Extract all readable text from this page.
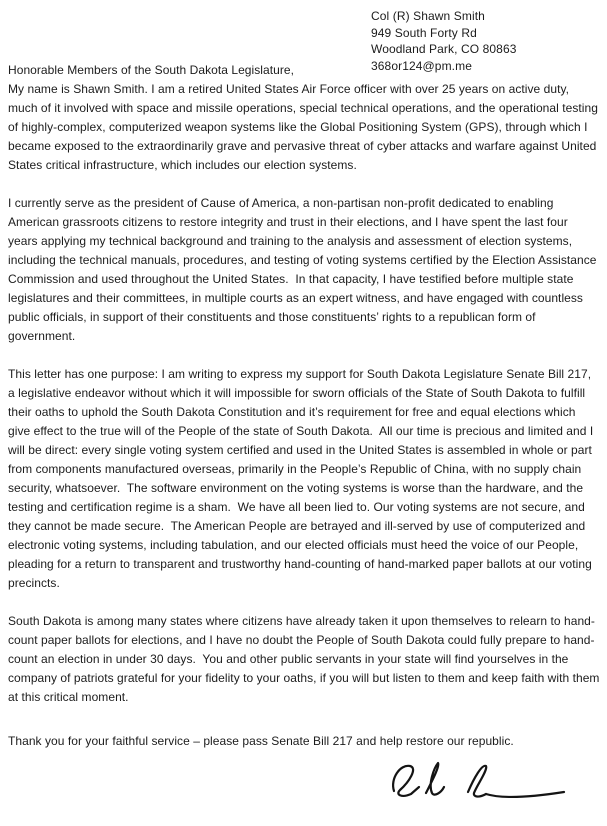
Col (R) Shawn Smith
949 South Forty Rd
Woodland Park, CO 80863
368or124@pm.me

Honorable Members of the South Dakota Legislature,

My name is Shawn Smith. I am a retired United States Air Force officer with over 25 years on active duty, much of it involved with space and missile operations, special technical operations, and the operational testing of highly-complex, computerized weapon systems like the Global Positioning System (GPS), through which I became exposed to the extraordinarily grave and pervasive threat of cyber attacks and warfare against United States critical infrastructure, which includes our election systems.

I currently serve as the president of Cause of America, a non-partisan non-profit dedicated to enabling American grassroots citizens to restore integrity and trust in their elections, and I have spent the last four years applying my technical background and training to the analysis and assessment of election systems, including the technical manuals, procedures, and testing of voting systems certified by the Election Assistance Commission and used throughout the United States.  In that capacity, I have testified before multiple state legislatures and their committees, in multiple courts as an expert witness, and have engaged with countless public officials, in support of their constituents and those constituents’ rights to a republican form of government.

This letter has one purpose: I am writing to express my support for South Dakota Legislature Senate Bill 217, a legislative endeavor without which it will impossible for sworn officials of the State of South Dakota to fulfill their oaths to uphold the South Dakota Constitution and it’s requirement for free and equal elections which give effect to the true will of the People of the state of South Dakota.  All our time is precious and limited and I will be direct: every single voting system certified and used in the United States is assembled in whole or part from components manufactured overseas, primarily in the People’s Republic of China, with no supply chain security, whatsoever.  The software environment on the voting systems is worse than the hardware, and the testing and certification regime is a sham.  We have all been lied to. Our voting systems are not secure, and they cannot be made secure.  The American People are betrayed and ill-served by use of computerized and electronic voting systems, including tabulation, and our elected officials must heed the voice of our People, pleading for a return to transparent and trustworthy hand-counting of hand-marked paper ballots at our voting precincts.

South Dakota is among many states where citizens have already taken it upon themselves to relearn to hand-count paper ballots for elections, and I have no doubt the People of South Dakota could fully prepare to hand-count an election in under 30 days.  You and other public servants in your state will find yourselves in the company of patriots grateful for your fidelity to your oaths, if you will but listen to them and keep faith with them at this critical moment.

Thank you for your faithful service – please pass Senate Bill 217 and help restore our republic.
